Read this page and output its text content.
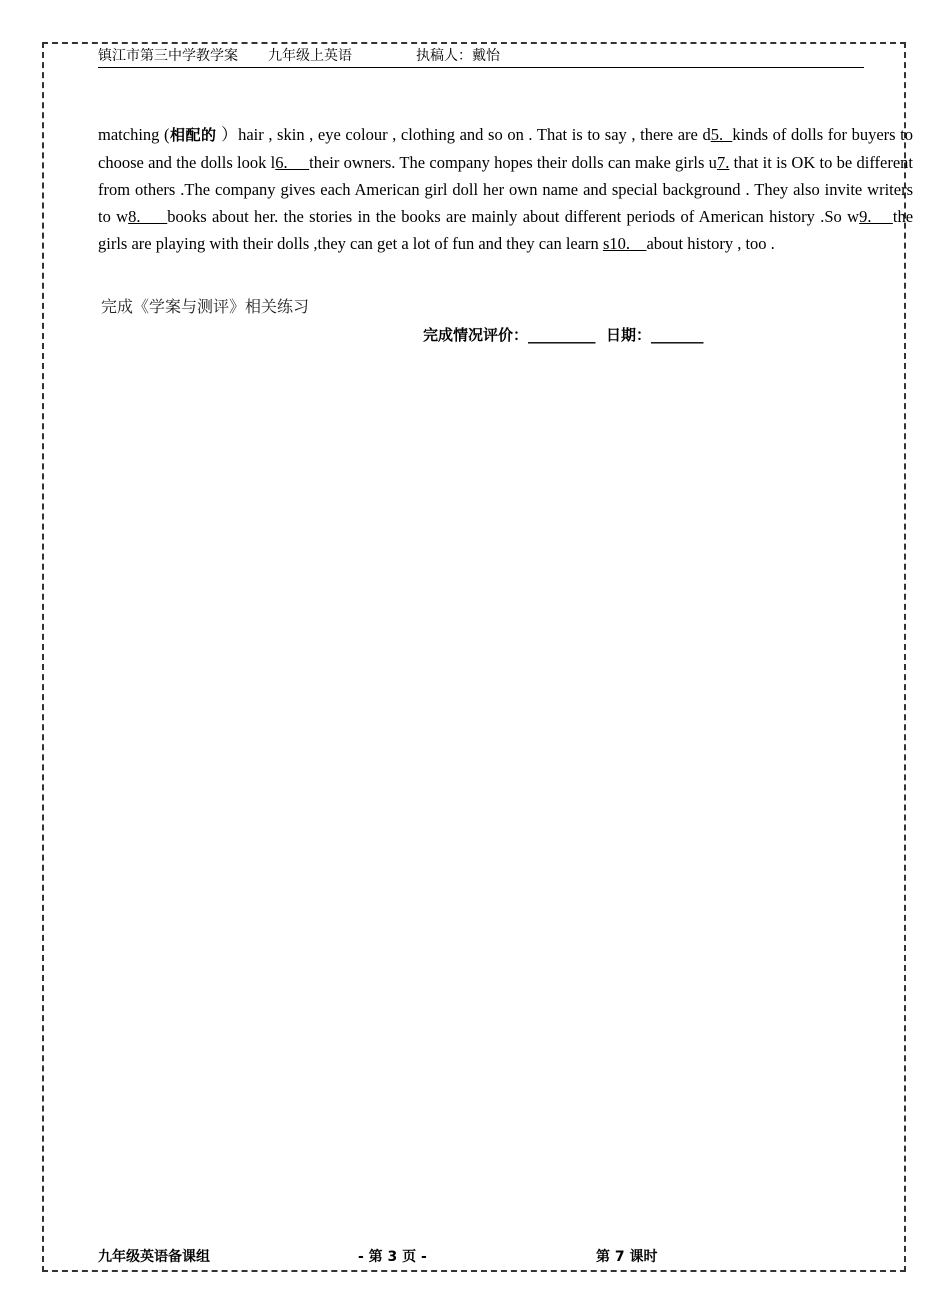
镇江市第三中学教学案 九年级上英语	执稿人：戴怡
matching (相配的 ）hair , skin , eye colour , clothing and so on . That is to say , there are d5.  kinds of dolls for buyers to choose and the dolls look l6.     their owners. The company hopes their dolls can make girls u7. that it is OK to be different from others .The company gives each American girl doll her own name and special background . They also invite writers to w8.     books about her. the stories in the books are mainly about different periods of American history .So w9.    the girls are playing with their dolls ,they can get a lot of fun and they can learn s10.    about history , too .
完成《学案与测评》相关练习
完成情况评价：_________  日期：_______
九年级英语备课组	- 第 3 页 -	第 7 课时
